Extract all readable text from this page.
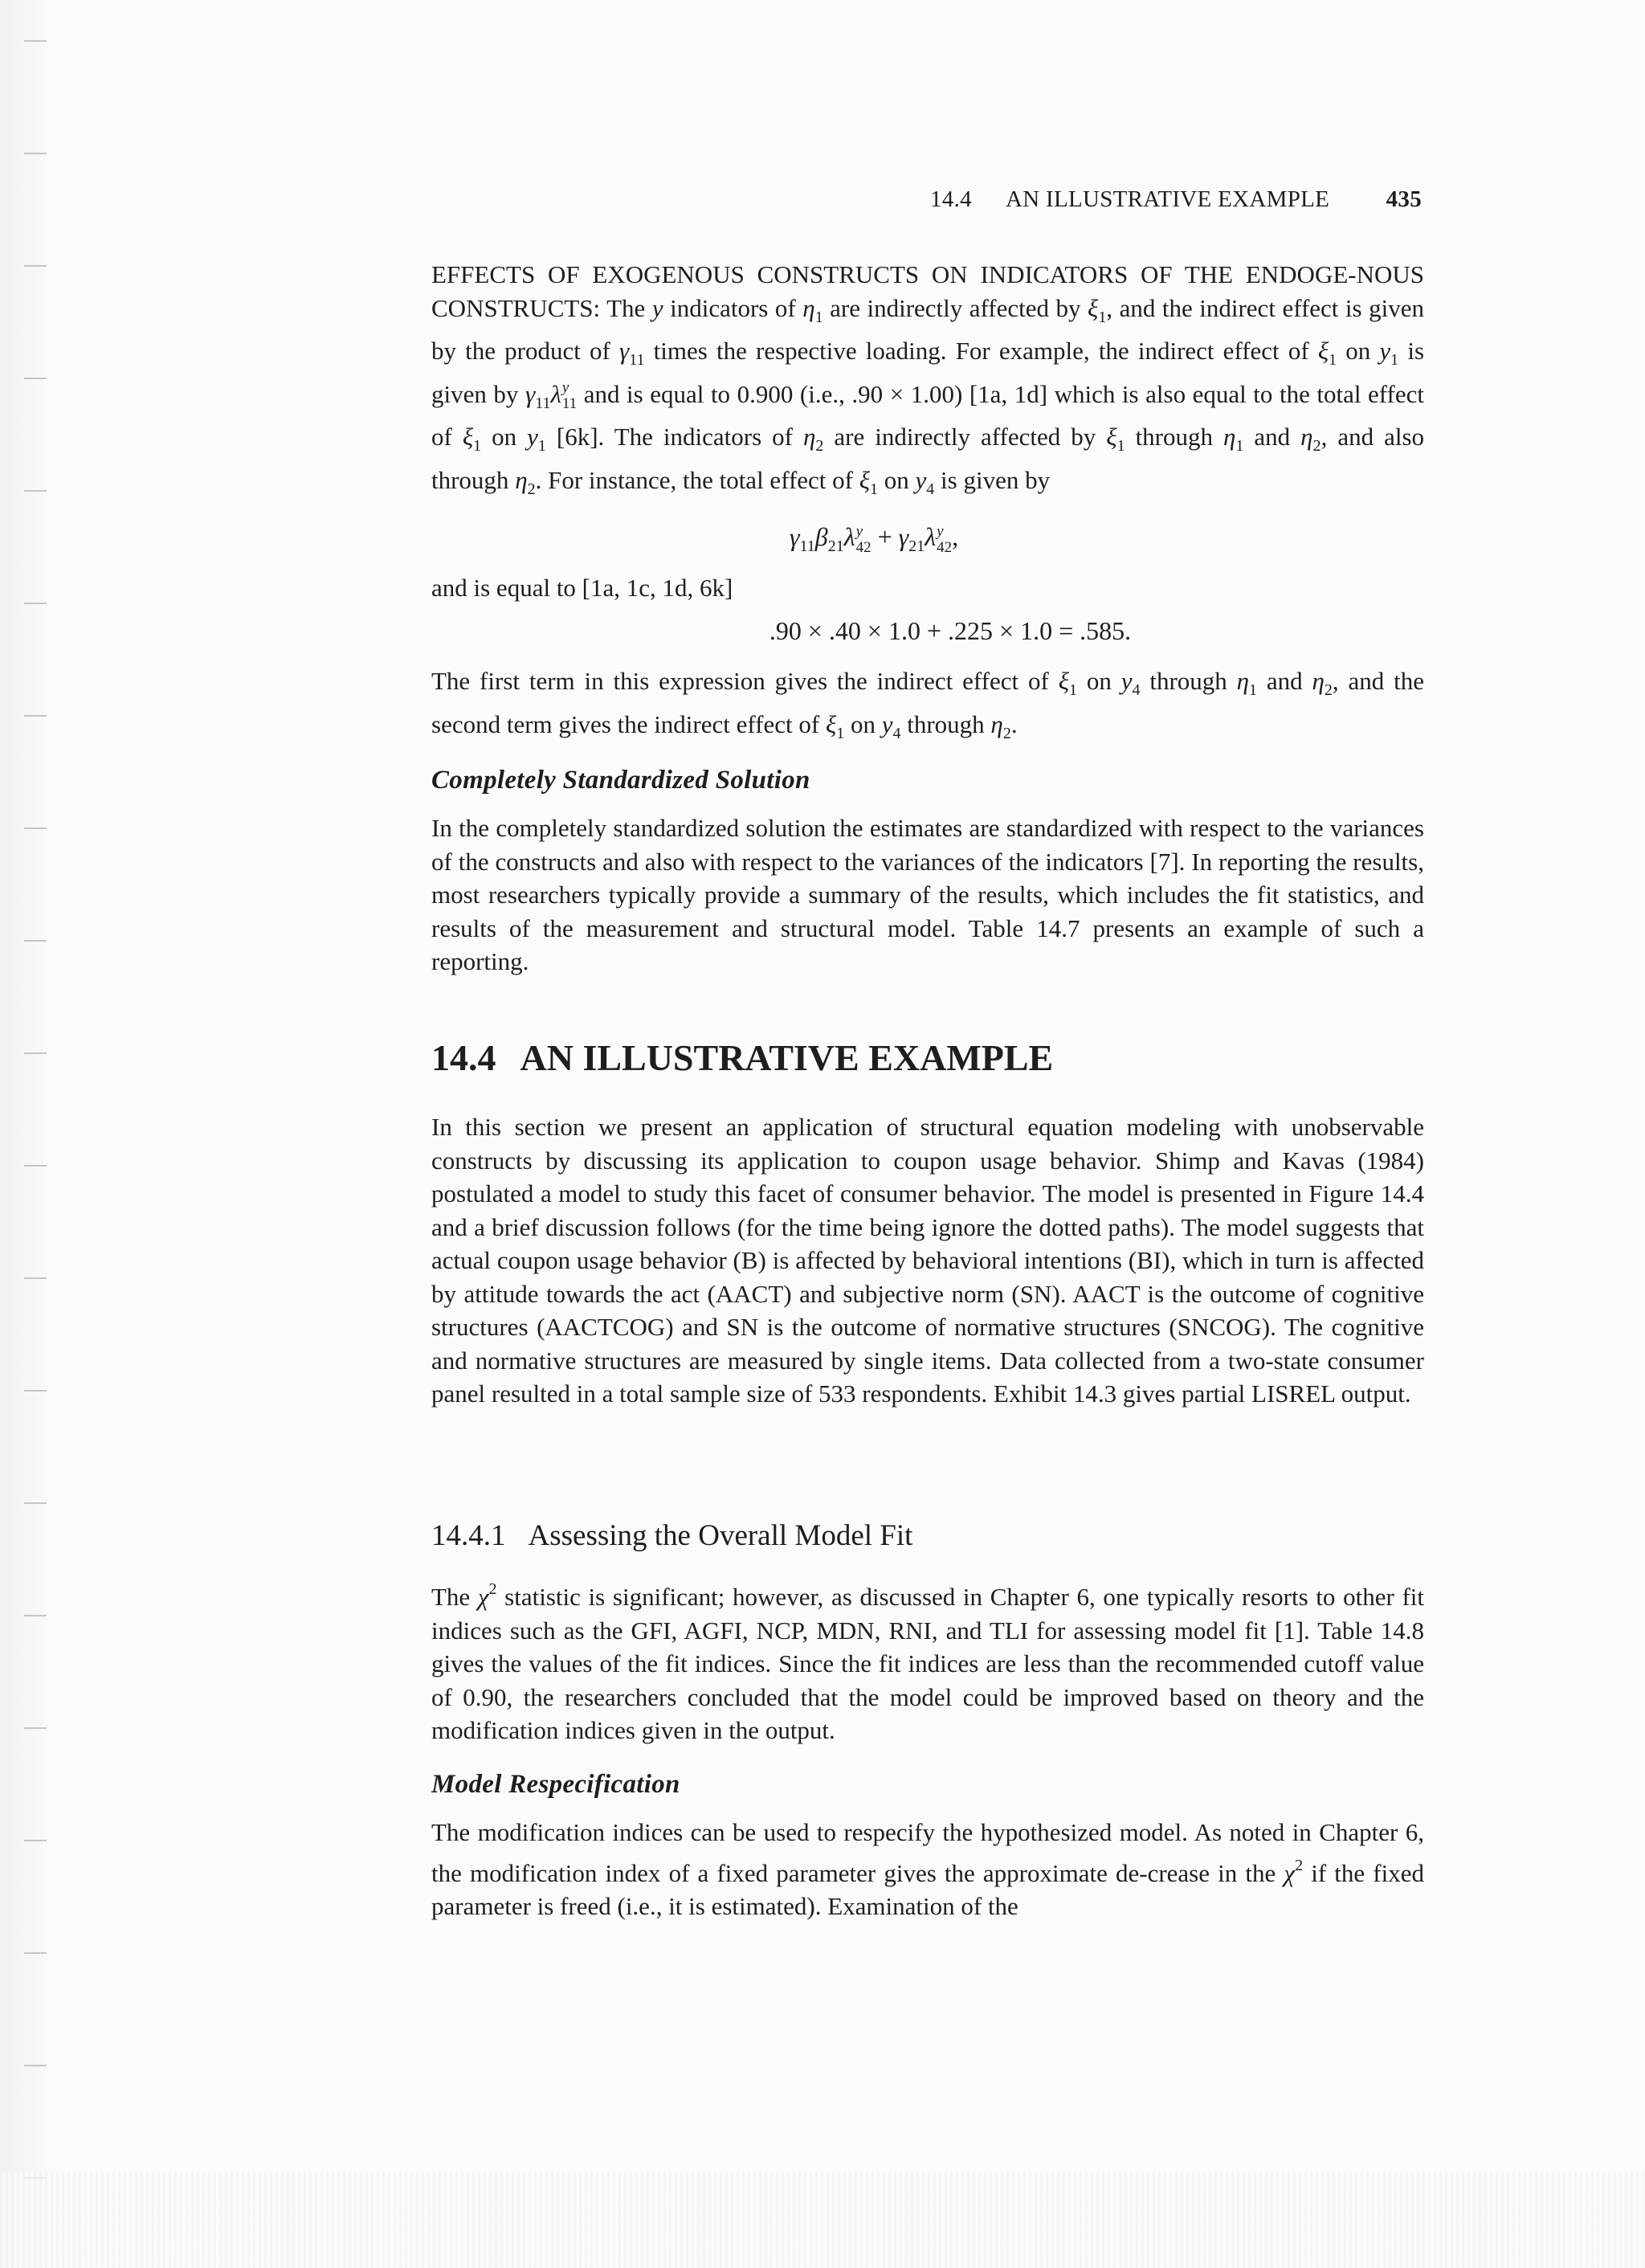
14.4 AN ILLUSTRATIVE EXAMPLE	435
EFFECTS OF EXOGENOUS CONSTRUCTS ON INDICATORS OF THE ENDOGE-NOUS CONSTRUCTS: The y indicators of $\eta_1$ are indirectly affected by $\xi_1$, and the indirect effect is given by the product of $\gamma_{11}$ times the respective loading. For example, the indirect effect of $\xi_1$ on $y_1$ is given by $\gamma_{11}\lambda y$
11 and is equal to 0.900 (i.e., .90 × 1.00) [1a, 1d] which is also equal to the total effect of $\xi_1$ on $y_1$ [6k]. The indicators of $\eta_2$ are indirectly affected by $\xi_1$ through $\eta_1$ and $\eta_2$, and also through $\eta_2$. For instance, the total effect of $\xi_1$ on $y_4$ is given by
$\gamma_{11}\beta_{21}\lambda y$
$42 + \gamma_{21}\lambda y$
42,
and is equal to [1a, 1c, 1d, 6k]
.90 × .40 × 1.0 + .225 × 1.0 = .585.
The first term in this expression gives the indirect effect of $\xi_1$ on $y_4$ through $\eta_1$ and $\eta_2$, and the second term gives the indirect effect of $\xi_1$ on $y_4$ through $\eta_2$.
Completely Standardized Solution
In the completely standardized solution the estimates are standardized with respect to the variances of the constructs and also with respect to the variances of the indicators [7]. In reporting the results, most researchers typically provide a summary of the results, which includes the fit statistics, and results of the measurement and structural model. Table 14.7 presents an example of such a reporting.
14.4 AN ILLUSTRATIVE EXAMPLE
In this section we present an application of structural equation modeling with unobservable constructs by discussing its application to coupon usage behavior. Shimp and Kavas (1984) postulated a model to study this facet of consumer behavior. The model is presented in Figure 14.4 and a brief discussion follows (for the time being ignore the dotted paths). The model suggests that actual coupon usage behavior (B) is affected by behavioral intentions (BI), which in turn is affected by attitude towards the act (AACT) and subjective norm (SN). AACT is the outcome of cognitive structures (AACTCOG) and SN is the outcome of normative structures (SNCOG). The cognitive and normative structures are measured by single items. Data collected from a two-state consumer panel resulted in a total sample size of 533 respondents. Exhibit 14.3 gives partial LISREL output.
14.4.1 Assessing the Overall Model Fit
The $\chi^2$ statistic is significant; however, as discussed in Chapter 6, one typically resorts to other fit indices such as the GFI, AGFI, NCP, MDN, RNI, and TLI for assessing model fit [1]. Table 14.8 gives the values of the fit indices. Since the fit indices are less than the recommended cutoff value of 0.90, the researchers concluded that the model could be improved based on theory and the modification indices given in the output.
Model Respecification
The modification indices can be used to respecify the hypothesized model. As noted in Chapter 6, the modification index of a fixed parameter gives the approximate de-crease in the $\chi^2$ if the fixed parameter is freed (i.e., it is estimated). Examination of the
